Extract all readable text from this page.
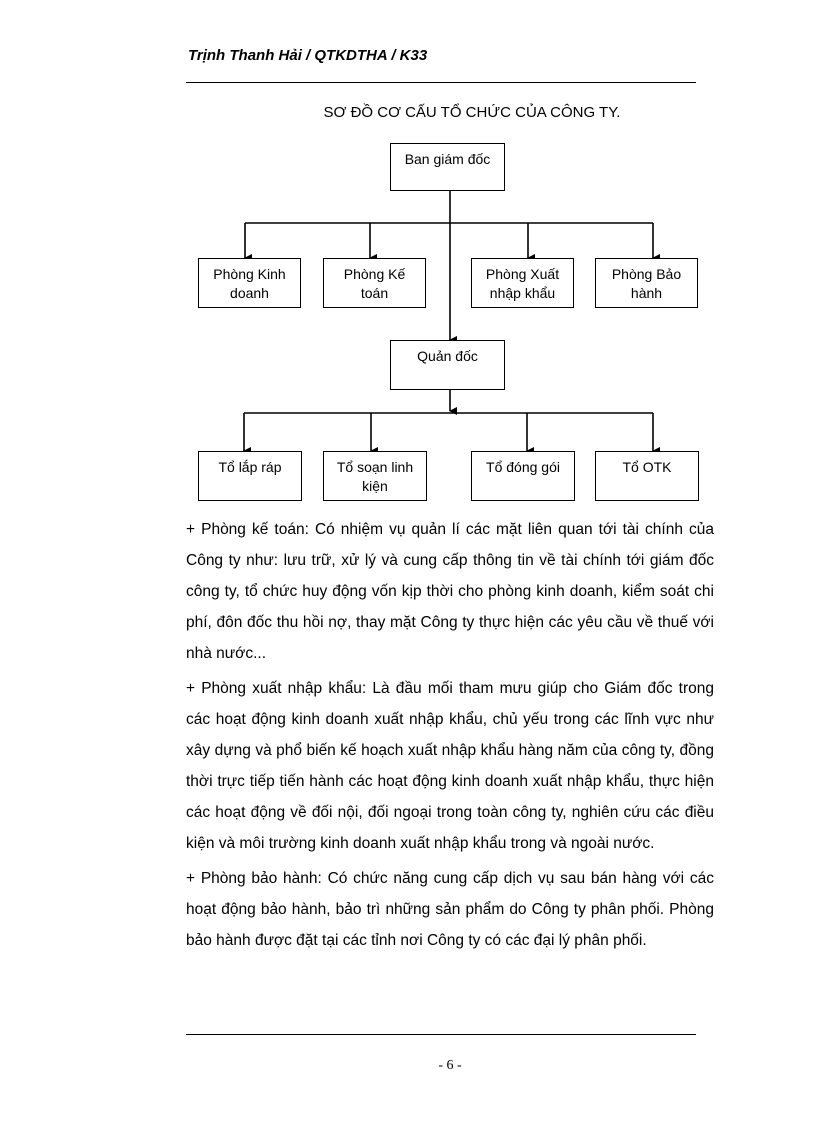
Trịnh Thanh Hải / QTKDTHA / K33
SƠ ĐỒ CƠ CẤU TỔ CHỨC CỦA CÔNG TY.
Ban giám đốc
Phòng Kinh
doanh
Phòng Kế
toán
Phòng Xuất
nhập khẩu
Phòng Bảo
hành
Quản đốc
Tổ lắp ráp	Tổ soạn linh
kiện
Tổ đóng gói	Tổ OTK

+ Phòng kế toán: Có nhiệm vụ quản lí các mặt liên quan tới tài chính của Công ty như: lưu trữ, xử lý và cung cấp thông tin về tài chính tới giám đốc công ty, tổ chức huy động vốn kịp thời cho phòng kinh doanh, kiểm soát chi phí, đôn đốc thu hồi nợ, thay mặt Công ty thực hiện các yêu cầu về thuế với nhà nước...

+ Phòng xuất nhập khẩu: Là đầu mối tham mưu giúp cho Giám đốc trong các hoạt động kinh doanh xuất nhập khẩu, chủ yếu trong các lĩnh vực như xây dựng và phổ biến kế hoạch xuất nhập khẩu hàng năm của công ty, đồng thời trực tiếp tiến hành các hoạt động kinh doanh xuất nhập khẩu, thực hiện các hoạt động về đối nội, đối ngoại trong toàn công ty, nghiên cứu các điều kiện và môi trường kinh doanh xuất nhập khẩu trong và ngoài nước.

+ Phòng bảo hành: Có chức năng cung cấp dịch vụ sau bán hàng với các hoạt động bảo hành, bảo trì những sản phẩm do Công ty phân phối. Phòng bảo hành được đặt tại các tỉnh nơi Công ty có các đại lý phân phối.

- 6 -
